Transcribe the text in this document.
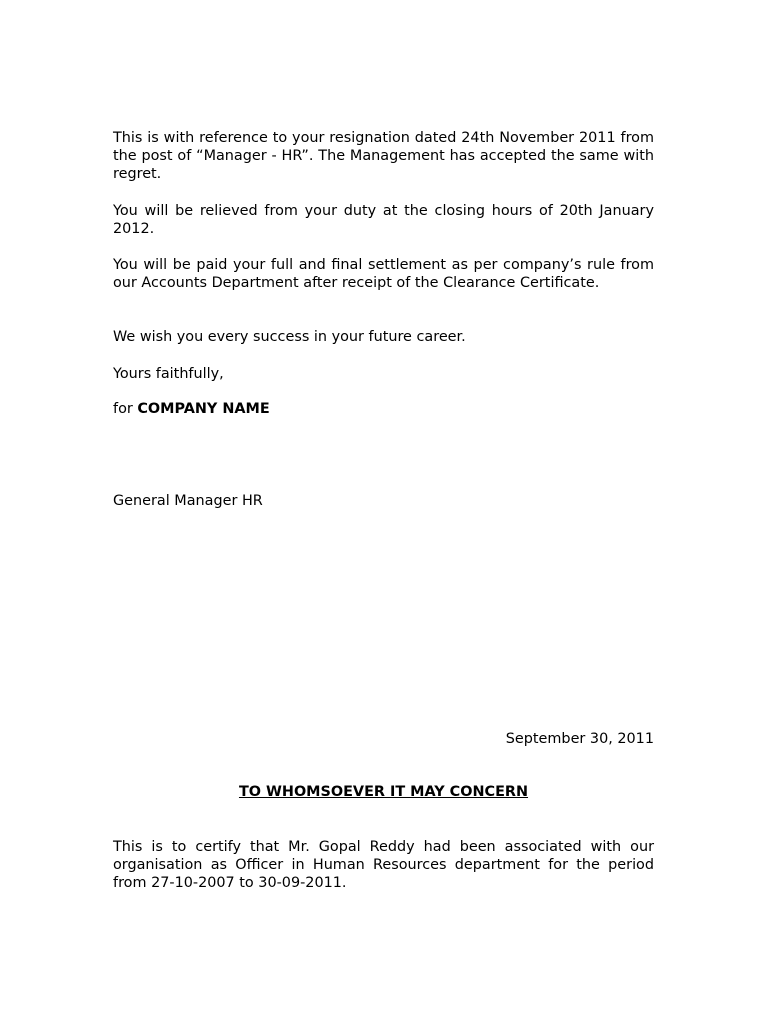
This is with reference to your resignation dated 24th November 2011 from the post of “Manager - HR”. The Management has accepted the same with regret.

You will be relieved from your duty at the closing hours of 20th January 2012.

You will be paid your full and final settlement as per company’s rule from our Accounts Department after receipt of the Clearance Certificate.

We wish you every success in your future career.

Yours faithfully,

for COMPANY NAME

General Manager HR

September 30, 2011

TO WHOMSOEVER IT MAY CONCERN

This is to certify that Mr. Gopal Reddy had been associated with our organisation as Officer in Human Resources department for the period from 27-10-2007 to 30-09-2011.
